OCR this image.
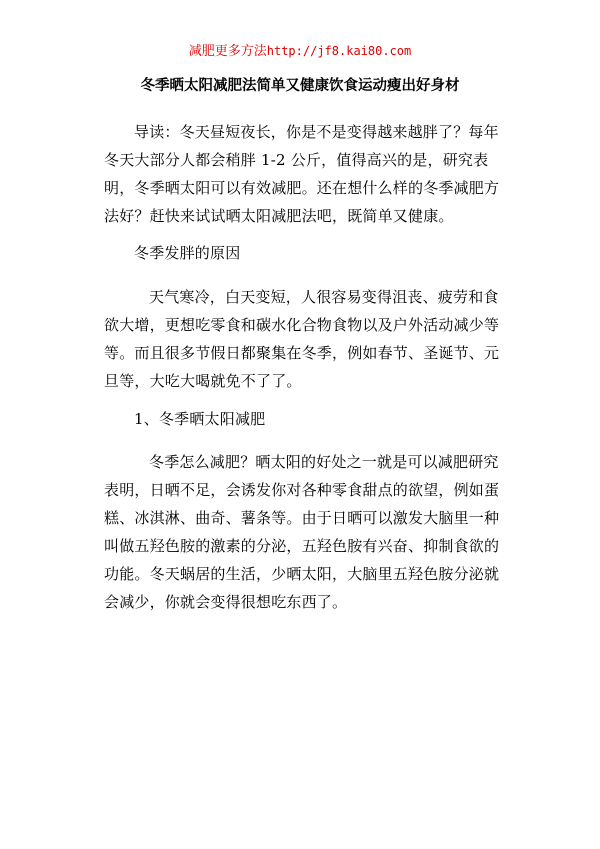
减肥更多方法http://jf8.kai80.com
冬季晒太阳减肥法简单又健康饮食运动瘦出好身材

导读：冬天昼短夜长，你是不是变得越来越胖了？每年冬天大部分人都会稍胖 1-2 公斤，值得高兴的是，研究表明，冬季晒太阳可以有效减肥。还在想什么样的冬季减肥方法好？赶快来试试晒太阳减肥法吧，既简单又健康。

冬季发胖的原因

天气寒冷，白天变短，人很容易变得沮丧、疲劳和食欲大增，更想吃零食和碳水化合物食物以及户外活动减少等等。而且很多节假日都聚集在冬季，例如春节、圣诞节、元旦等，大吃大喝就免不了了。

1、冬季晒太阳减肥

冬季怎么减肥？晒太阳的好处之一就是可以减肥研究表明，日晒不足，会诱发你对各种零食甜点的欲望，例如蛋糕、冰淇淋、曲奇、薯条等。由于日晒可以激发大脑里一种叫做五羟色胺的激素的分泌，五羟色胺有兴奋、抑制食欲的功能。冬天蜗居的生活，少晒太阳，大脑里五羟色胺分泌就会减少，你就会变得很想吃东西了。
